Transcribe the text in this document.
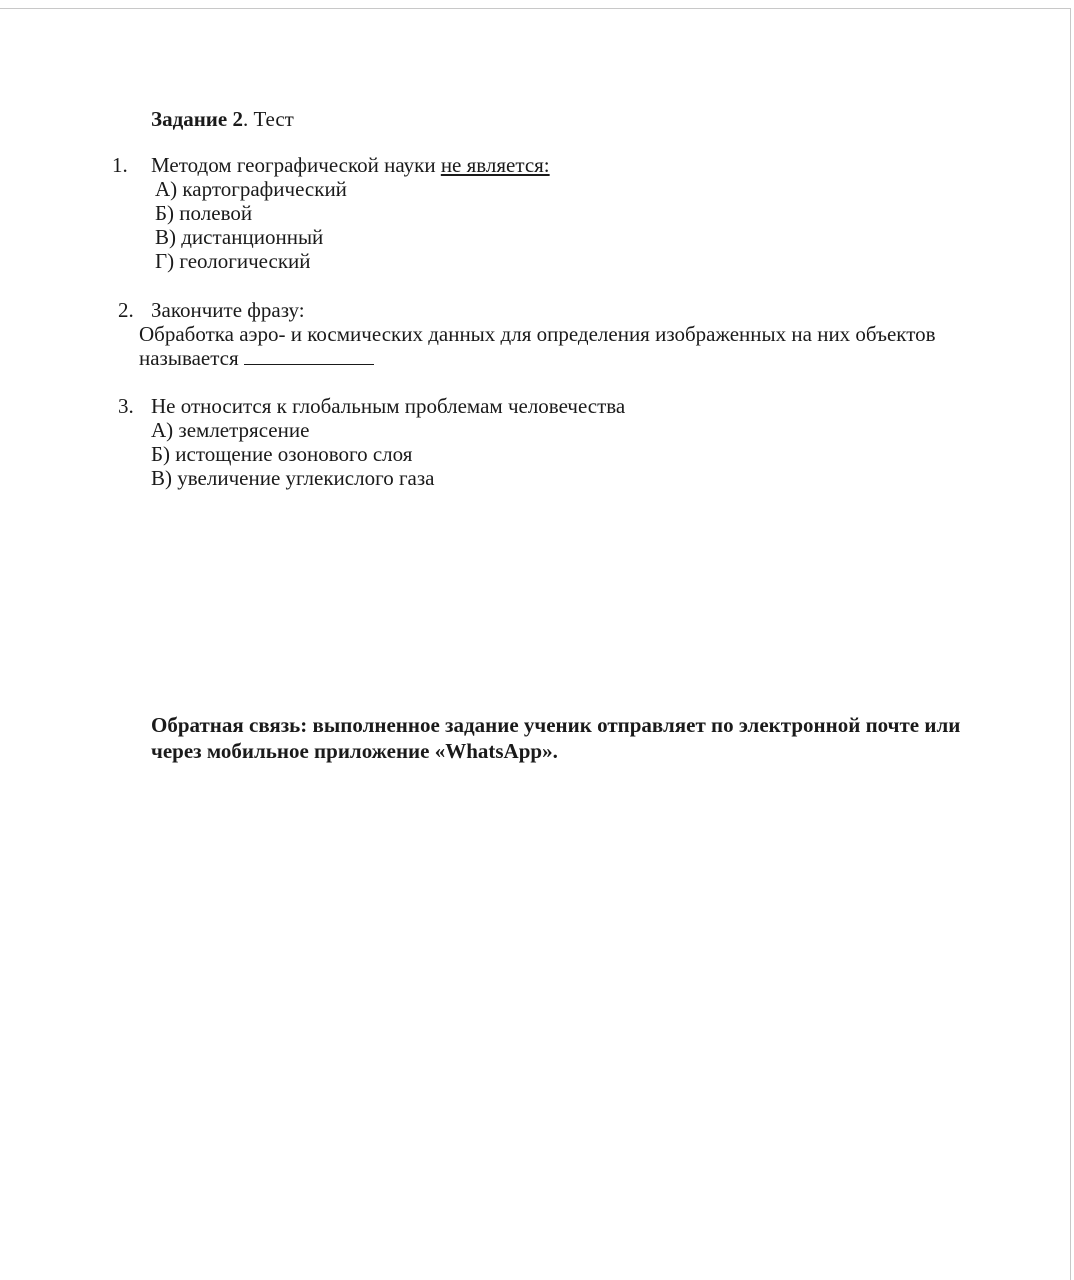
Задание 2. Тест
1. Методом географической науки не является:
А) картографический
Б) полевой
В) дистанционный
Г) геологический
2. Закончите фразу:
Обработка аэро- и космических данных для определения изображенных на них объектов
называется
3. Не относится к глобальным проблемам человечества
А) землетрясение
Б) истощение озонового слоя
В) увеличение углекислого газа
Обратная связь: выполненное задание ученик отправляет по электронной почте или
через мобильное приложение «WhatsApp».
